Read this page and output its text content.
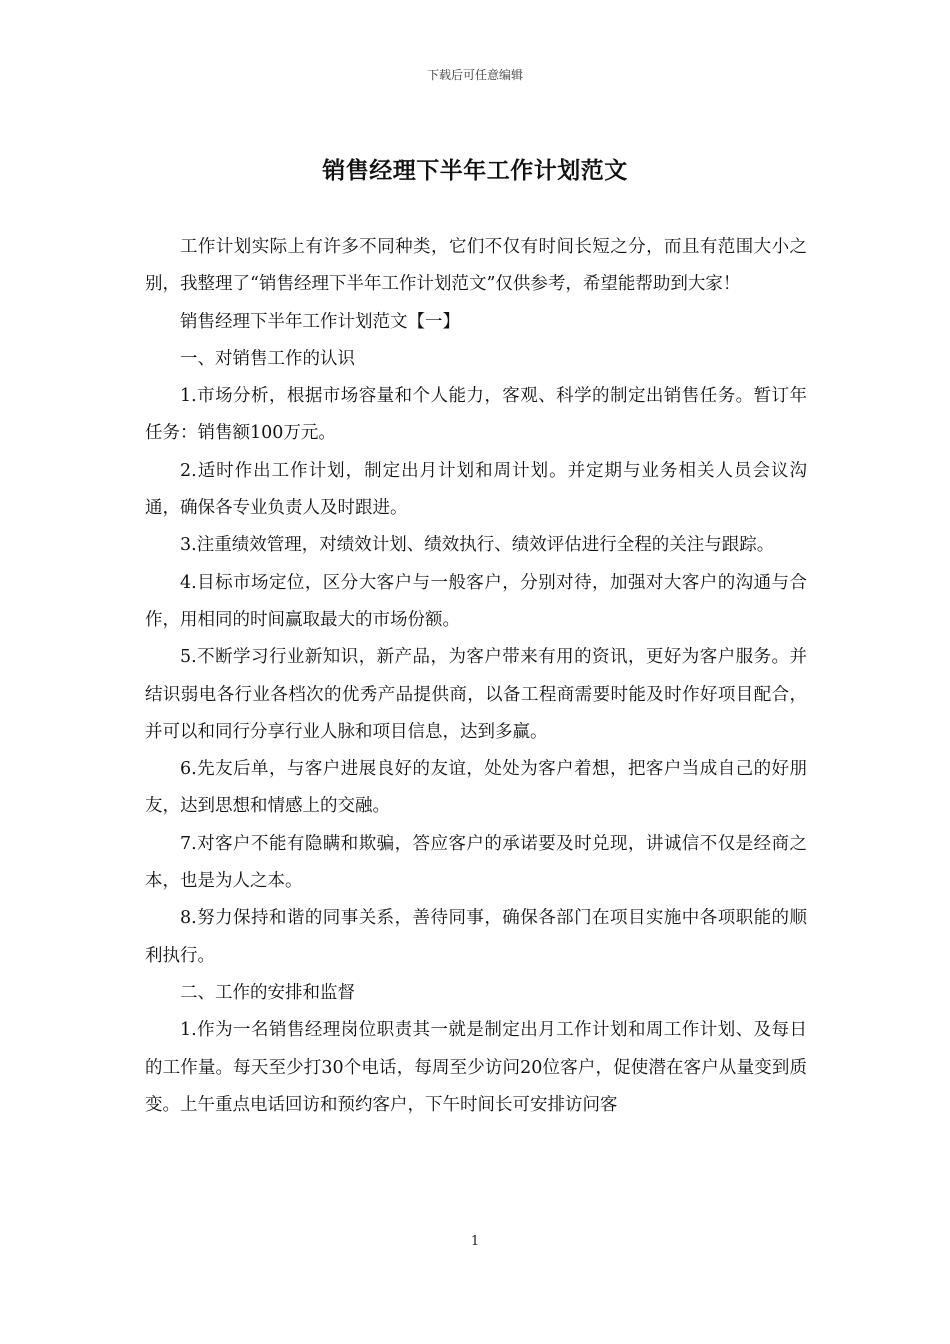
下载后可任意编辑
销售经理下半年工作计划范文

工作计划实际上有许多不同种类，它们不仅有时间长短之分，而且有范围大小之别，我整理了“销售经理下半年工作计划范文”仅供参考，希望能帮助到大家！

销售经理下半年工作计划范文【一】

一、对销售工作的认识

1.市场分析，根据市场容量和个人能力，客观、科学的制定出销售任务。暂订年任务：销售额100万元。

2.适时作出工作计划，制定出月计划和周计划。并定期与业务相关人员会议沟通，确保各专业负责人及时跟进。

3.注重绩效管理，对绩效计划、绩效执行、绩效评估进行全程的关注与跟踪。

4.目标市场定位，区分大客户与一般客户，分别对待，加强对大客户的沟通与合作，用相同的时间赢取最大的市场份额。

5.不断学习行业新知识，新产品，为客户带来有用的资讯，更好为客户服务。并结识弱电各行业各档次的优秀产品提供商，以备工程商需要时能及时作好项目配合，并可以和同行分享行业人脉和项目信息，达到多赢。

6.先友后单，与客户进展良好的友谊，处处为客户着想，把客户当成自己的好朋友，达到思想和情感上的交融。

7.对客户不能有隐瞒和欺骗，答应客户的承诺要及时兑现，讲诚信不仅是经商之本，也是为人之本。

8.努力保持和谐的同事关系，善待同事，确保各部门在项目实施中各项职能的顺利执行。

二、工作的安排和监督

1.作为一名销售经理岗位职责其一就是制定出月工作计划和周工作计划、及每日的工作量。每天至少打30个电话，每周至少访问20位客户，促使潜在客户从量变到质变。上午重点电话回访和预约客户，下午时间长可安排访问客

1
